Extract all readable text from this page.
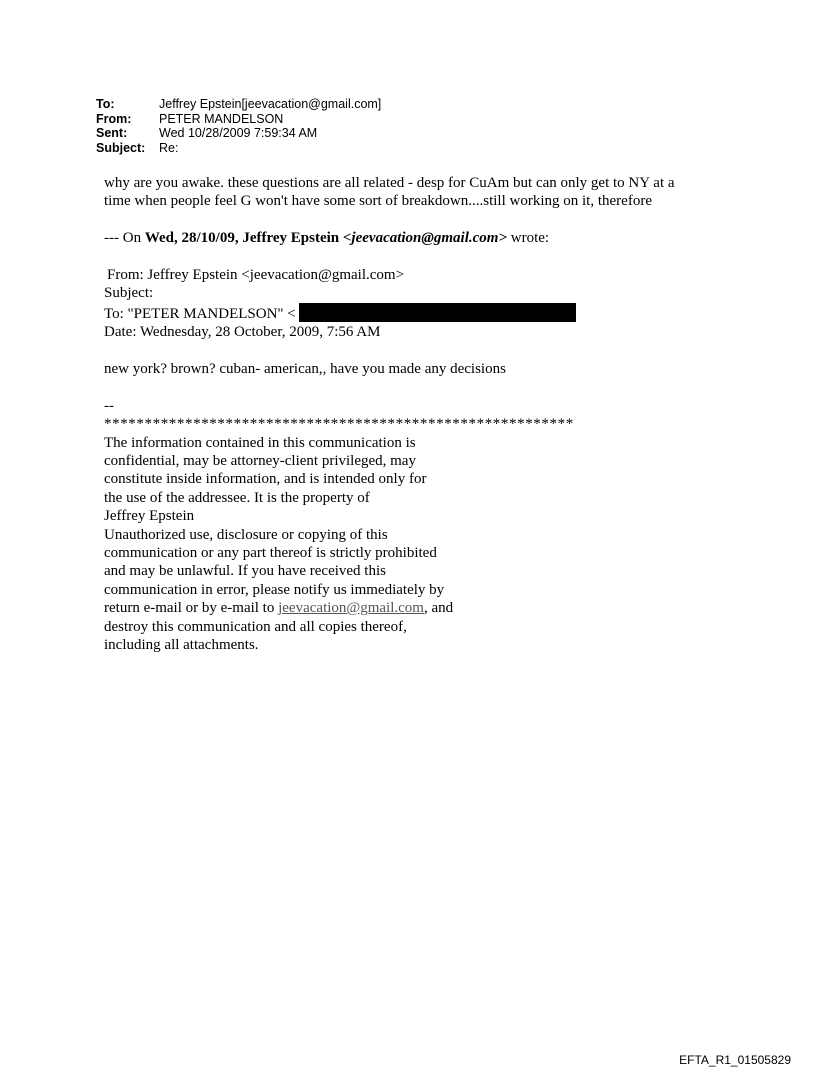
To:	Jeffrey Epstein[jeevacation@gmail.com]
From:	PETER MANDELSON
Sent:	Wed 10/28/2009 7:59:34 AM
Subject:	Re:

why are you awake. these questions are all related - desp for CuAm but can only get to NY at a

time when people feel G won't have some sort of breakdown....still working on it, therefore

--- On Wed, 28/10/09, Jeffrey Epstein <jeevacation@gmail.com> wrote:

From: Jeffrey Epstein <jeevacation@gmail.com>

Subject:

To: "PETER MANDELSON" <

Date: Wednesday, 28 October, 2009, 7:56 AM

new york? brown? cuban- american,, have you made any decisions

--

**********************************************************

The information contained in this communication is

confidential, may be attorney-client privileged, may

constitute inside information, and is intended only for

the use of the addressee. It is the property of

Jeffrey Epstein

Unauthorized use, disclosure or copying of this

communication or any part thereof is strictly prohibited

and may be unlawful. If you have received this

communication in error, please notify us immediately by

return e-mail or by e-mail to jeevacation@gmail.com, and

destroy this communication and all copies thereof,

including all attachments.

EFTA_R1_01505829
